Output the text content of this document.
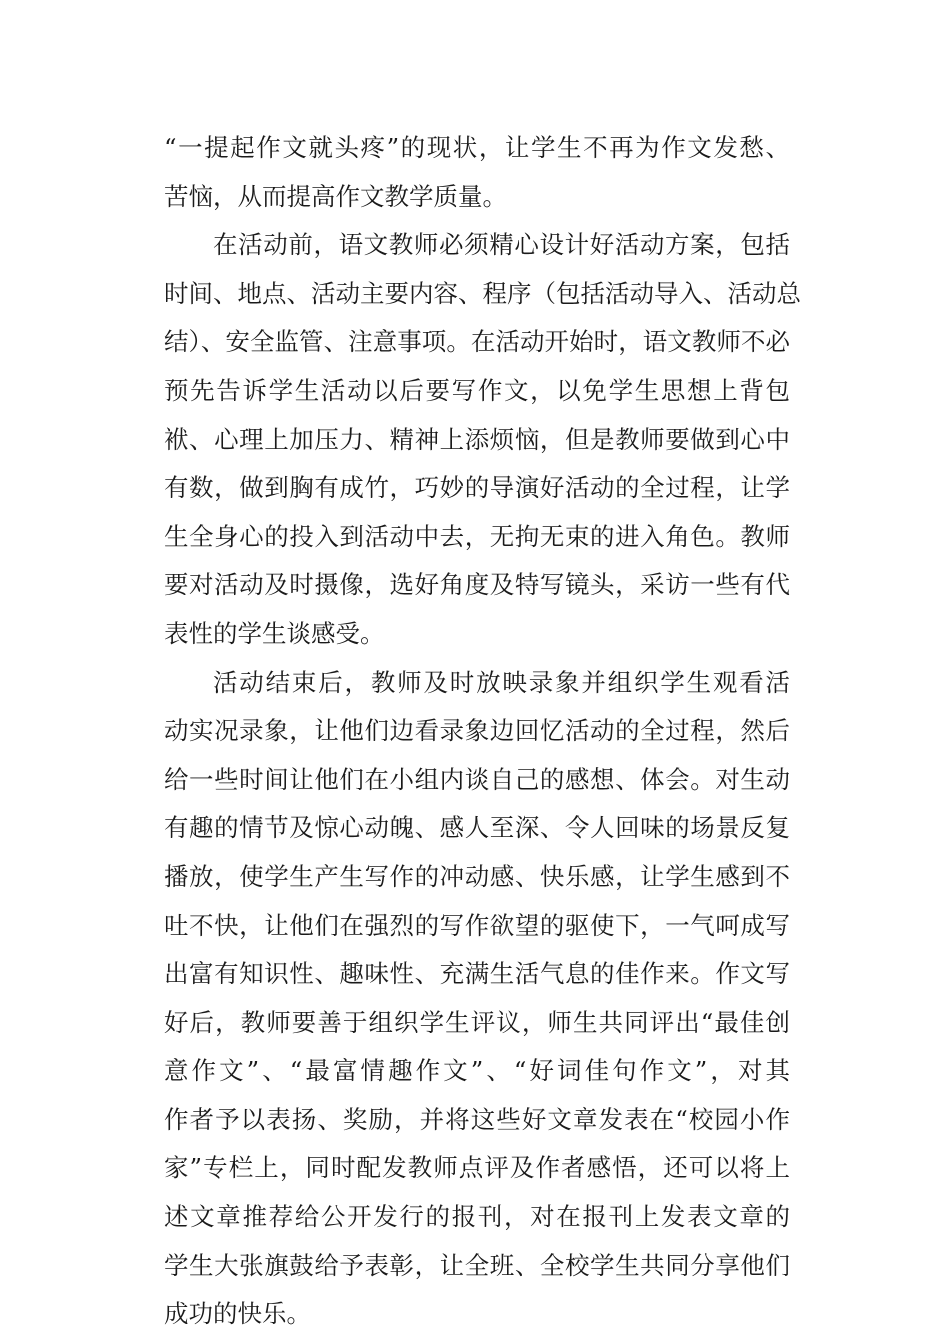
“一提起作文就头疼”的现状，让学生不再为作文发愁、
苦恼，从而提高作文教学质量。
在活动前，语文教师必须精心设计好活动方案，包括
时间、地点、活动主要内容、程序（包括活动导入、活动总
结）、安全监管、注意事项。在活动开始时，语文教师不必
预先告诉学生活动以后要写作文，以免学生思想上背包
袱、心理上加压力、精神上添烦恼，但是教师要做到心中
有数，做到胸有成竹，巧妙的导演好活动的全过程，让学
生全身心的投入到活动中去，无拘无束的进入角色。教师
要对活动及时摄像，选好角度及特写镜头，采访一些有代
表性的学生谈感受。
活动结束后，教师及时放映录象并组织学生观看活
动实况录象，让他们边看录象边回忆活动的全过程，然后
给一些时间让他们在小组内谈自己的感想、体会。对生动
有趣的情节及惊心动魄、感人至深、令人回味的场景反复
播放，使学生产生写作的冲动感、快乐感，让学生感到不
吐不快，让他们在强烈的写作欲望的驱使下，一气呵成写
出富有知识性、趣味性、充满生活气息的佳作来。作文写
好后，教师要善于组织学生评议，师生共同评出“最佳创
意作文”、“最富情趣作文”、“好词佳句作文”，对其
作者予以表扬、奖励，并将这些好文章发表在“校园小作
家”专栏上，同时配发教师点评及作者感悟，还可以将上
述文章推荐给公开发行的报刊，对在报刊上发表文章的
学生大张旗鼓给予表彰，让全班、全校学生共同分享他们
成功的快乐。
